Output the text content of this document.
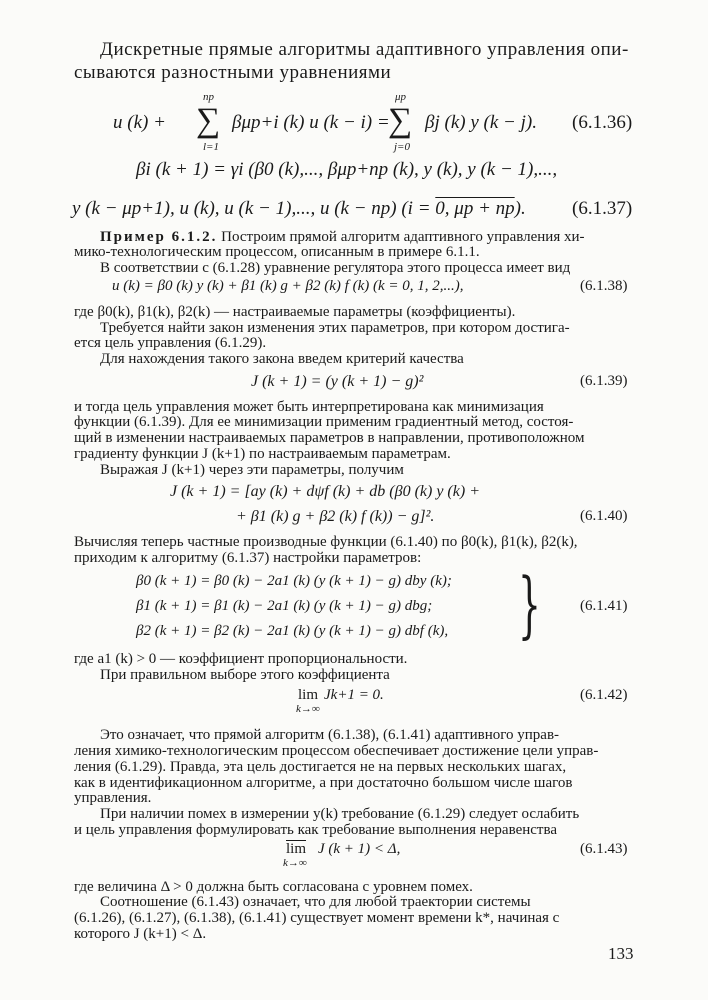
Дискретные прямые алгоритмы адаптивного управления опи-
сываются разностными уравнениями
u (k) +
nр
∑
l=1
βμр+i (k) u (k − i) =
μр
∑
j=0
βj (k) y (k − j). (6.1.36)
βi (k + 1) = γi (β0 (k),..., βμр+nр (k), y (k), y (k − 1),...,
y (k − μр+1), u (k), u (k − 1),..., u (k − nр) (i = 0, μр + nр). (6.1.37)
Пример 6.1.2. Построим прямой алгоритм адаптивного управления хи-
мико-технологическим процессом, описанным в примере 6.1.1.
В соответствии с (6.1.28) уравнение регулятора этого процесса имеет вид
u (k) = β0 (k) y (k) + β1 (k) g + β2 (k) f (k) (k = 0, 1, 2,...),	(6.1.38)
где β0(k), β1(k), β2(k) — настраиваемые параметры (коэффициенты).
Требуется найти закон изменения этих параметров, при котором достига-
ется цель управления (6.1.29).
Для нахождения такого закона введем критерий качества
J (k + 1) = (y (k + 1) − g)²	(6.1.39)
и тогда цель управления может быть интерпретирована как минимизация
функции (6.1.39). Для ее минимизации применим градиентный метод, состоя-
щий в изменении настраиваемых параметров в направлении, противоположном
градиенту функции J (k+1) по настраиваемым параметрам.
Выражая J (k+1) через эти параметры, получим
J (k + 1) = [ay (k) + dψf (k) + db (β0 (k) y (k) +
+ β1 (k) g + β2 (k) f (k)) − g]².	(6.1.40)
Вычисляя теперь частные производные функции (6.1.40) по β0(k), β1(k), β2(k),
приходим к алгоритму (6.1.37) настройки параметров:
β0 (k + 1) = β0 (k) − 2a1 (k) (y (k + 1) − g) dby (k);
β1 (k + 1) = β1 (k) − 2a1 (k) (y (k + 1) − g) dbg;
β2 (k + 1) = β2 (k) − 2a1 (k) (y (k + 1) − g) dbf (k), }	(6.1.41)
где a1 (k) > 0 — коэффициент пропорциональности.
При правильном выборе этого коэффициента
lim
k→∞
Jk+1 = 0.	(6.1.42)
Это означает, что прямой алгоритм (6.1.38), (6.1.41) адаптивного управ-
ления химико-технологическим процессом обеспечивает достижение цели управ-
ления (6.1.29). Правда, эта цель достигается не на первых нескольких шагах,
как в идентификационном алгоритме, а при достаточно большом числе шагов
управления.
При наличии помех в измерении y(k) требование (6.1.29) следует ослабить
и цель управления формулировать как требование выполнения неравенства
$\overline{lim}$
k→∞
J (k + 1) < Δ,	(6.1.43)
где величина Δ > 0 должна быть согласована с уровнем помех.
Соотношение (6.1.43) означает, что для любой траектории системы
(6.1.26), (6.1.27), (6.1.38), (6.1.41) существует момент времени k*, начиная с
которого J (k+1) < Δ.
133
